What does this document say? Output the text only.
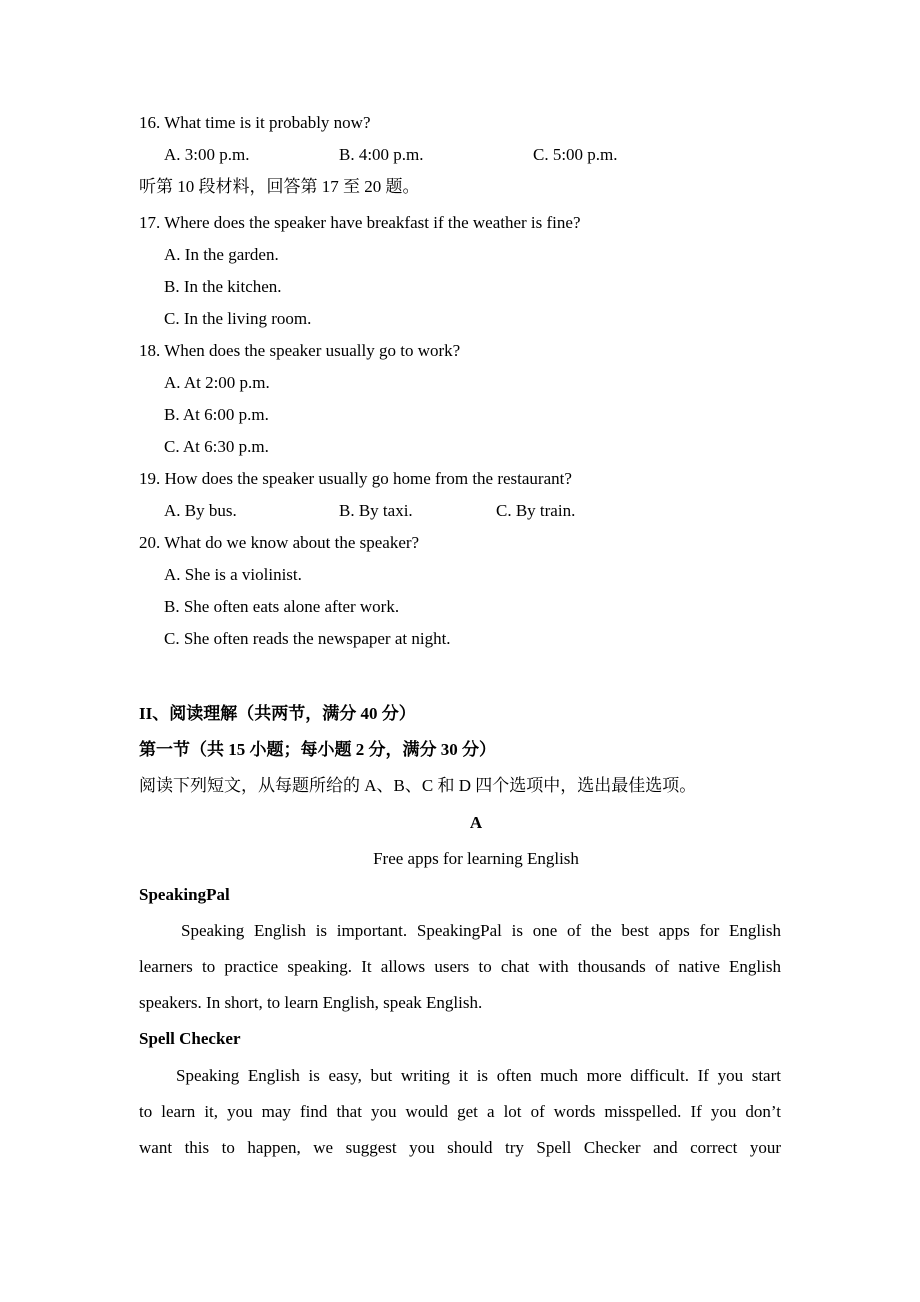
16. What time is it probably now?
A. 3:00 p.m.	B. 4:00 p.m.	C. 5:00 p.m.
听第 10 段材料，回答第 17 至 20 题。
17. Where does the speaker have breakfast if the weather is fine?
A. In the garden.
B. In the kitchen.
C. In the living room.
18. When does the speaker usually go to work?
A. At 2:00 p.m.
B. At 6:00 p.m.
C. At 6:30 p.m.
19. How does the speaker usually go home from the restaurant?
A. By bus.	B. By taxi.	C. By train.
20. What do we know about the speaker?
A. She is a violinist.
B. She often eats alone after work.
C. She often reads the newspaper at night.
II、阅读理解（共两节，满分 40 分）
第一节（共 15 小题；每小题 2 分，满分 30 分）
阅读下列短文，从每题所给的 A、B、C 和 D 四个选项中，选出最佳选项。
A
Free apps for learning English
SpeakingPal
Speaking English is important. SpeakingPal is one of the best apps for English
learners to practice speaking. It allows users to chat with thousands of native English
speakers. In short, to learn English, speak English.
Spell Checker
Speaking English is easy, but writing it is often much more difficult. If you start
to learn it, you may find that you would get a lot of words misspelled. If you don’t
want this to happen, we suggest you should try Spell Checker and correct your
